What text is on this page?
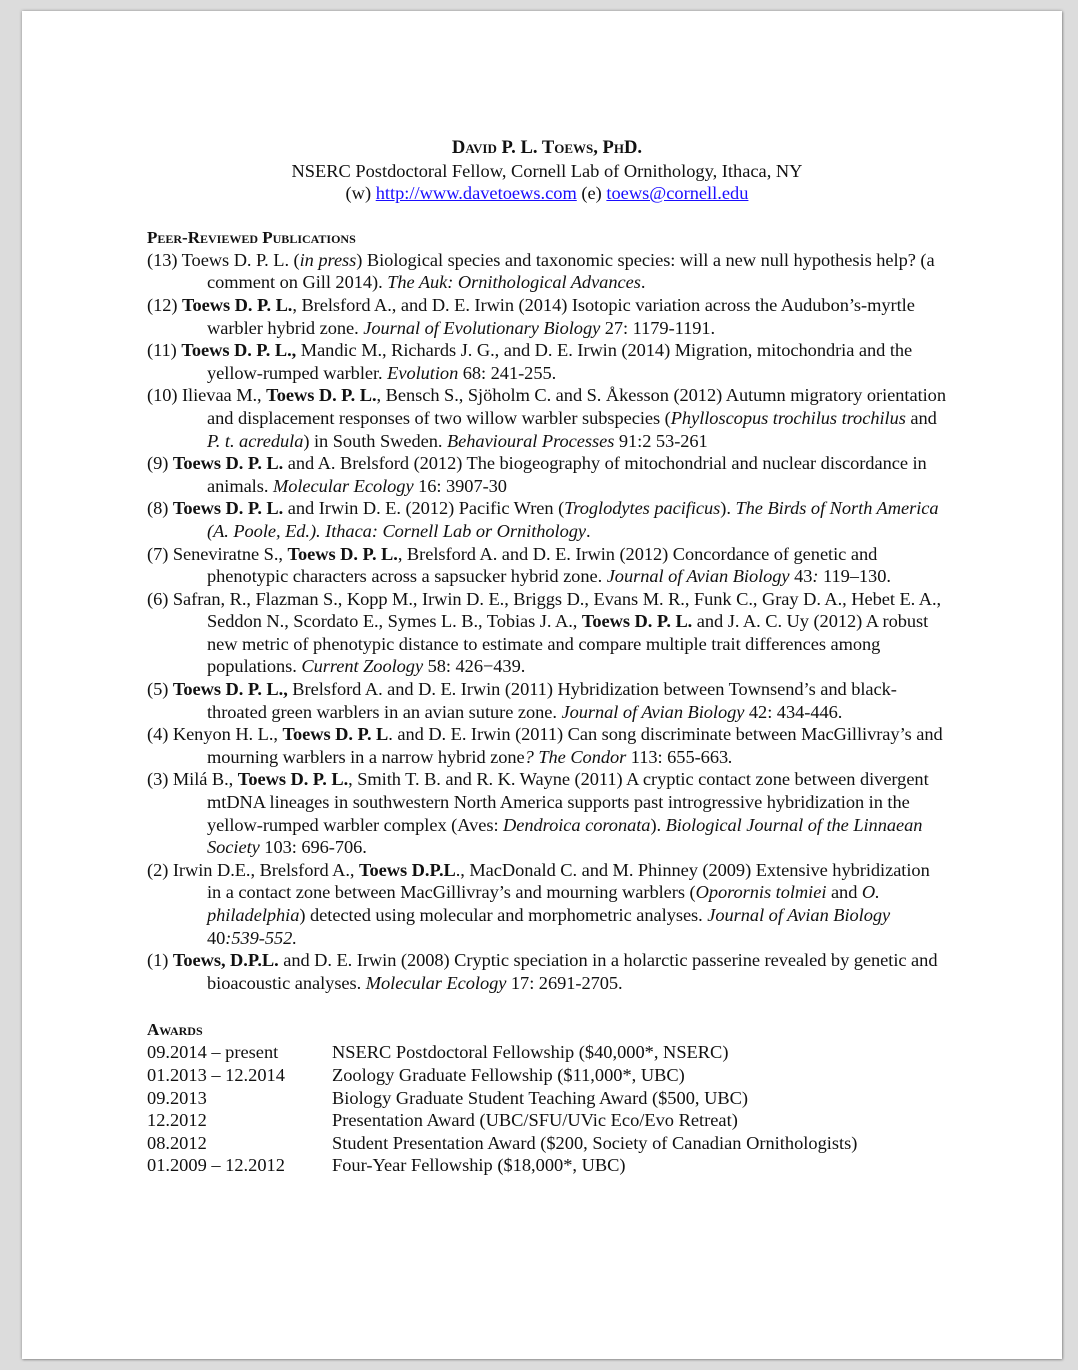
David P. L. Toews, PhD.
NSERC Postdoctoral Fellow, Cornell Lab of Ornithology, Ithaca, NY
(w) http://www.davetoews.com (e) toews@cornell.edu
Peer-Reviewed Publications
(13) Toews D. P. L. (in press) Biological species and taxonomic species: will a new null hypothesis help? (a comment on Gill 2014). The Auk: Ornithological Advances.
(12) Toews D. P. L., Brelsford A., and D. E. Irwin (2014) Isotopic variation across the Audubon’s-myrtle warbler hybrid zone. Journal of Evolutionary Biology 27: 1179-1191.
(11) Toews D. P. L., Mandic M., Richards J. G., and D. E. Irwin (2014) Migration, mitochondria and the yellow-rumped warbler. Evolution 68: 241-255.
(10) Ilievaa M., Toews D. P. L., Bensch S., Sjöholm C. and S. Åkesson (2012) Autumn migratory orientation and displacement responses of two willow warbler subspecies (Phylloscopus trochilus trochilus and P. t. acredula) in South Sweden. Behavioural Processes 91:2 53-261
(9) Toews D. P. L. and A. Brelsford (2012) The biogeography of mitochondrial and nuclear discordance in animals. Molecular Ecology 16: 3907-30
(8) Toews D. P. L. and Irwin D. E. (2012) Pacific Wren (Troglodytes pacificus). The Birds of North America (A. Poole, Ed.). Ithaca: Cornell Lab or Ornithology.
(7) Seneviratne S., Toews D. P. L., Brelsford A. and D. E. Irwin (2012) Concordance of genetic and phenotypic characters across a sapsucker hybrid zone. Journal of Avian Biology 43: 119–130.
(6) Safran, R., Flazman S., Kopp M., Irwin D. E., Briggs D., Evans M. R., Funk C., Gray D. A., Hebet E. A., Seddon N., Scordato E., Symes L. B., Tobias J. A., Toews D. P. L. and J. A. C. Uy (2012) A robust new metric of phenotypic distance to estimate and compare multiple trait differences among populations. Current Zoology 58: 426−439.
(5) Toews D. P. L., Brelsford A. and D. E. Irwin (2011) Hybridization between Townsend’s and black-throated green warblers in an avian suture zone. Journal of Avian Biology 42: 434-446.
(4) Kenyon H. L., Toews D. P. L. and D. E. Irwin (2011) Can song discriminate between MacGillivray’s and mourning warblers in a narrow hybrid zone? The Condor 113: 655-663.
(3) Milá B., Toews D. P. L., Smith T. B. and R. K. Wayne (2011) A cryptic contact zone between divergent mtDNA lineages in southwestern North America supports past introgressive hybridization in the yellow-rumped warbler complex (Aves: Dendroica coronata). Biological Journal of the Linnaean Society 103: 696-706.
(2) Irwin D.E., Brelsford A., Toews D.P.L., MacDonald C. and M. Phinney (2009) Extensive hybridization in a contact zone between MacGillivray’s and mourning warblers (Oporornis tolmiei and O. philadelphia) detected using molecular and morphometric analyses. Journal of Avian Biology 40:539-552.
(1) Toews, D.P.L. and D. E. Irwin (2008) Cryptic speciation in a holarctic passerine revealed by genetic and bioacoustic analyses. Molecular Ecology 17: 2691-2705.
Awards
09.2014 – present	NSERC Postdoctoral Fellowship ($40,000*, NSERC)
01.2013 – 12.2014	Zoology Graduate Fellowship ($11,000*, UBC)
09.2013	Biology Graduate Student Teaching Award ($500, UBC)
12.2012	Presentation Award (UBC/SFU/UVic Eco/Evo Retreat)
08.2012	Student Presentation Award ($200, Society of Canadian Ornithologists)
01.2009 – 12.2012	Four-Year Fellowship ($18,000*, UBC)
